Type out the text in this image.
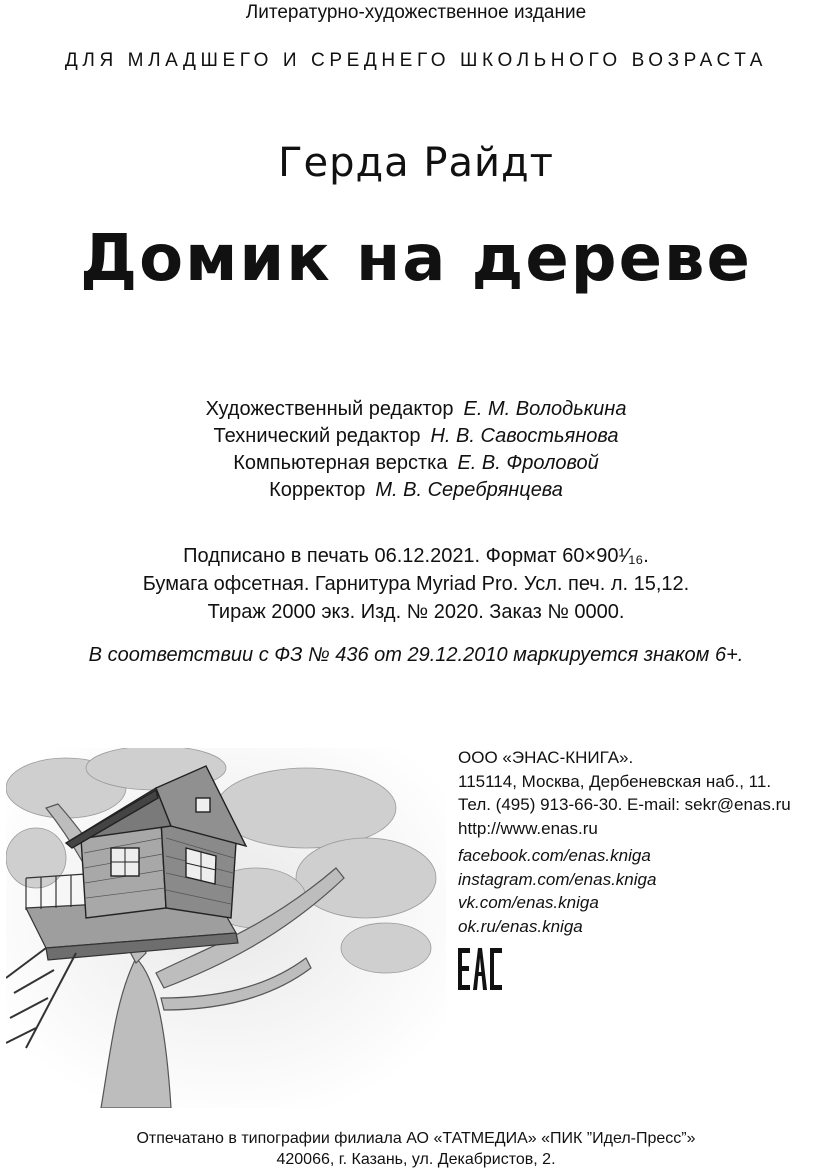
Литературно-художественное издание
ДЛЯ МЛАДШЕГО И СРЕДНЕГО ШКОЛЬНОГО ВОЗРАСТА
Герда Райдт
Домик на дереве
Художественный редактор Е. М. Володькина
Технический редактор Н. В. Савостьянова
Компьютерная верстка Е. В. Фроловой
Корректор М. В. Серебрянцева
Подписано в печать 06.12.2021. Формат 60×90¹⁄₁₆.
Бумага офсетная. Гарнитура Myriad Pro. Усл. печ. л. 15,12.
Тираж 2000 экз. Изд. № 2020. Заказ № 0000.
В соответствии с ФЗ № 436 от 29.12.2010 маркируется знаком 6+.
ООО «ЭНАС-КНИГА».
115114, Москва, Дербеневская наб., 11.
Тел. (495) 913-66-30. E-mail: sekr@enas.ru
http://www.enas.ru
facebook.com/enas.kniga
instagram.com/enas.kniga
vk.com/enas.kniga
ok.ru/enas.kniga
Отпечатано в типографии филиала АО «ТАТМЕДИА» «ПИК ”Идел-Пресс”»
420066, г. Казань, ул. Декабристов, 2.
